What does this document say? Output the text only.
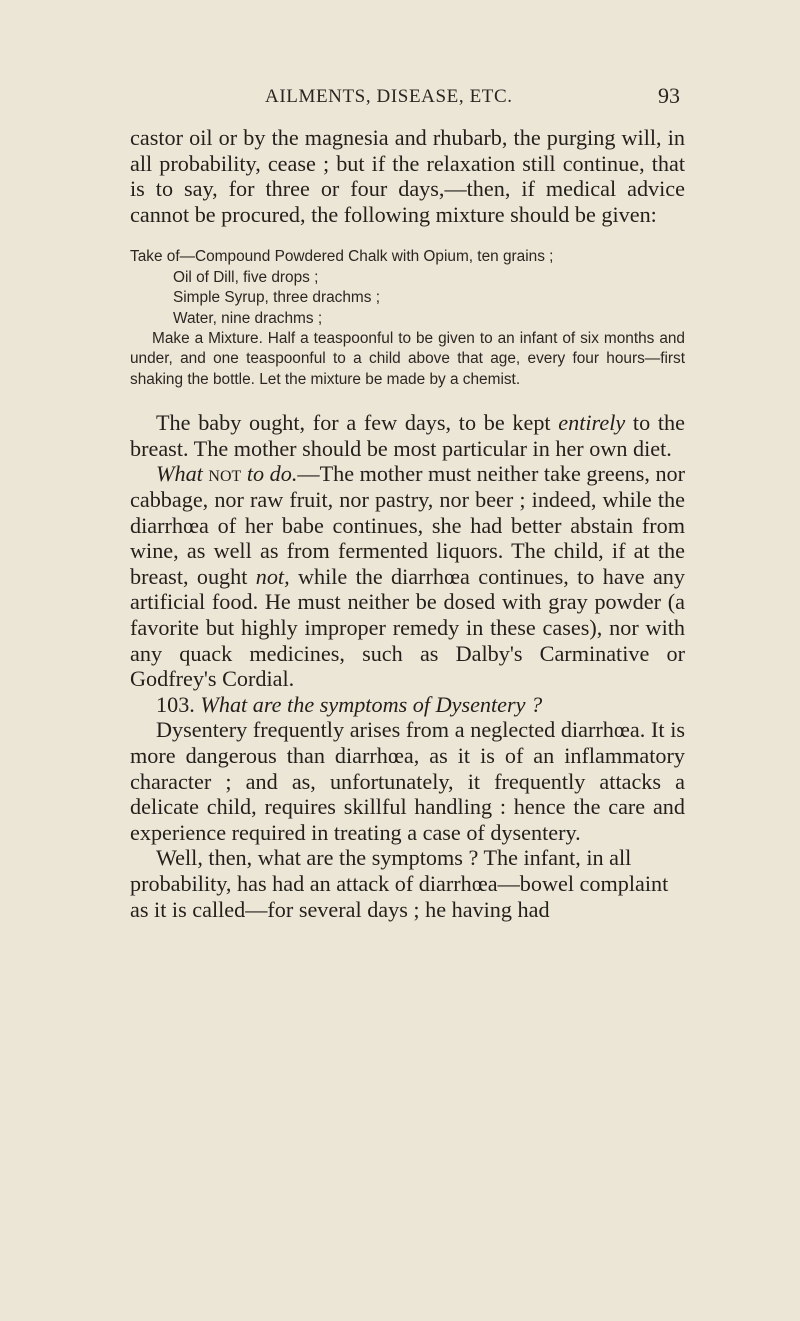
AILMENTS, DISEASE, ETC.	93

castor oil or by the magnesia and rhubarb, the purging will, in all probability, cease ; but if the relaxation still continue, that is to say, for three or four days,—then, if medical advice cannot be procured, the following mixture should be given:

Take of—Compound Powdered Chalk with Opium, ten grains ;
Oil of Dill, five drops ;
Simple Syrup, three drachms ;
Water, nine drachms ;

Make a Mixture. Half a teaspoonful to be given to an infant of six months and under, and one teaspoonful to a child above that age, every four hours—first shaking the bottle. Let the mixture be made by a chemist.

The baby ought, for a few days, to be kept entirely to the breast. The mother should be most particular in her own diet.

What not to do.—The mother must neither take greens, nor cabbage, nor raw fruit, nor pastry, nor beer ; indeed, while the diarrhœa of her babe continues, she had better abstain from wine, as well as from fermented liquors. The child, if at the breast, ought not, while the diarrhœa continues, to have any artificial food. He must neither be dosed with gray powder (a favorite but highly improper remedy in these cases), nor with any quack medicines, such as Dalby's Carminative or Godfrey's Cordial.

103. What are the symptoms of Dysentery ?

Dysentery frequently arises from a neglected diarrhœa. It is more dangerous than diarrhœa, as it is of an inflammatory character ; and as, unfortunately, it frequently attacks a delicate child, requires skillful handling : hence the care and experience required in treating a case of dysentery.

Well, then, what are the symptoms ? The infant, in all probability, has had an attack of diarrhœa—bowel complaint as it is called—for several days ; he having had
